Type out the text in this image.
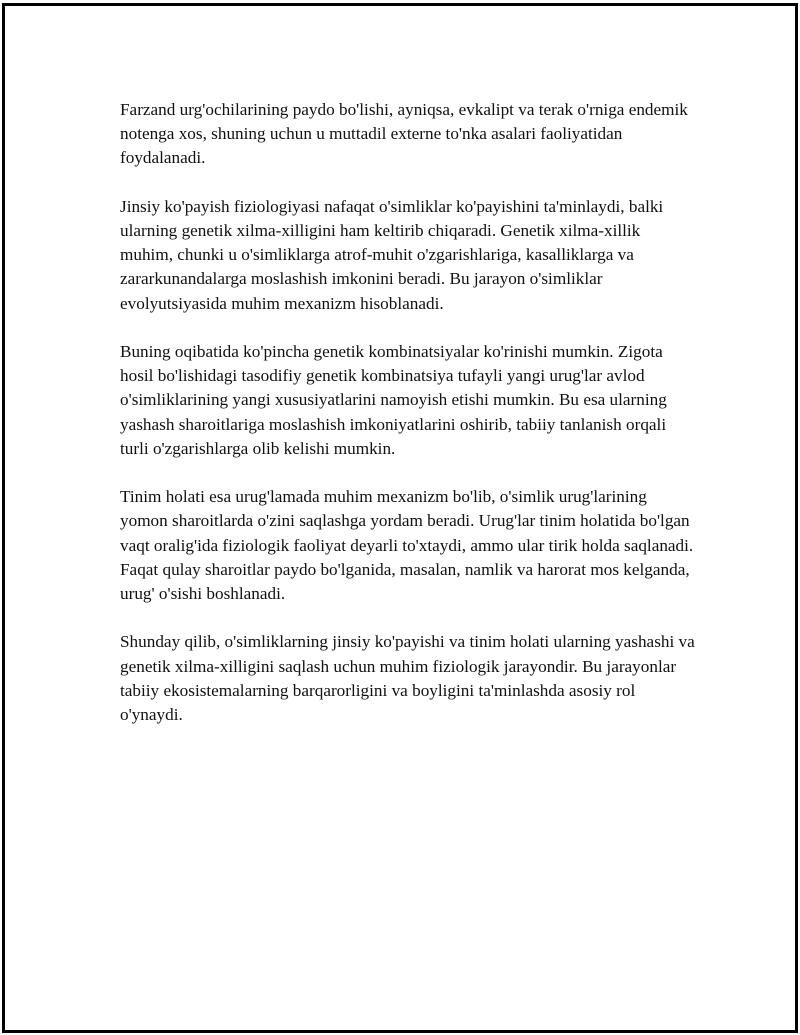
Farzand urg'ochilarining paydo bo'lishi, ayniqsa, evkalipt va terak o'rniga endemik notenga xos, shuning uchun u muttadil externe to'nka asalari faoliyatidan foydalanadi.

Jinsiy ko'payish fiziologiyasi nafaqat o'simliklar ko'payishini ta'minlaydi, balki ularning genetik xilma-xilligini ham keltirib chiqaradi. Genetik xilma-xillik muhim, chunki u o'simliklarga atrof-muhit o'zgarishlariga, kasalliklarga va zararkunandalarga moslashish imkonini beradi. Bu jarayon o'simliklar evolyutsiyasida muhim mexanizm hisoblanadi.

Buning oqibatida ko'pincha genetik kombinatsiyalar ko'rinishi mumkin. Zigota hosil bo'lishidagi tasodifiy genetik kombinatsiya tufayli yangi urug'lar avlod o'simliklarining yangi xususiyatlarini namoyish etishi mumkin. Bu esa ularning yashash sharoitlariga moslashish imkoniyatlarini oshirib, tabiiy tanlanish orqali turli o'zgarishlarga olib kelishi mumkin.

Tinim holati esa urug'lamada muhim mexanizm bo'lib, o'simlik urug'larining yomon sharoitlarda o'zini saqlashga yordam beradi. Urug'lar tinim holatida bo'lgan vaqt oralig'ida fiziologik faoliyat deyarli to'xtaydi, ammo ular tirik holda saqlanadi. Faqat qulay sharoitlar paydo bo'lganida, masalan, namlik va harorat mos kelganda, urug' o'sishi boshlanadi.

Shunday qilib, o'simliklarning jinsiy ko'payishi va tinim holati ularning yashashi va genetik xilma-xilligini saqlash uchun muhim fiziologik jarayondir. Bu jarayonlar tabiiy ekosistemalarning barqarorligini va boyligini ta'minlashda asosiy rol o'ynaydi.
